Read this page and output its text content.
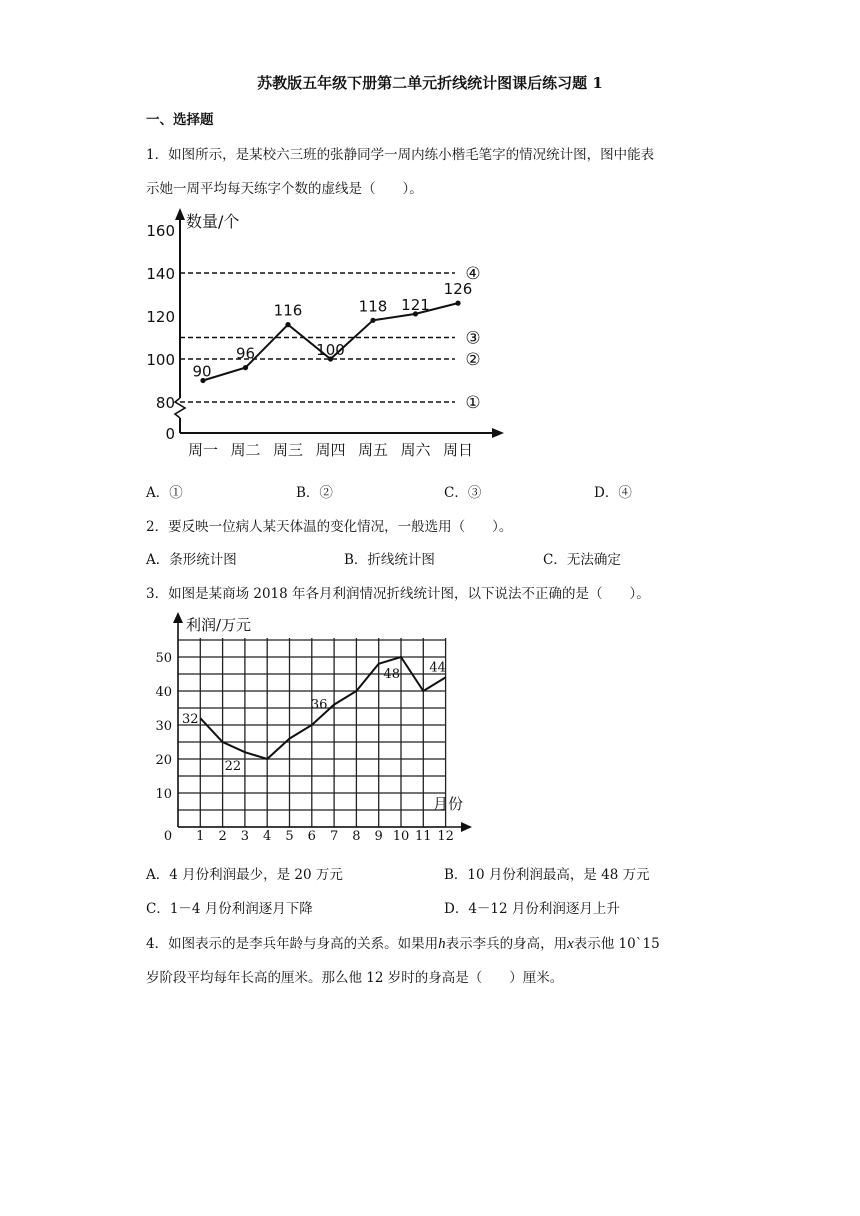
苏教版五年级下册第二单元折线统计图课后练习题 1
一、选择题
1．如图所示，是某校六三班的张静同学一周内练小楷毛笔字的情况统计图，图中能表
示她一周平均每天练字个数的虚线是（　　）。
数量/个
0
80
100
120
140
160
④
③
②
①
周一 周二 周三 周四 周五 周六 周日
90
96
116
100
118 121
126
A．①	B．②	C．③	D．④
2．要反映一位病人某天体温的变化情况，一般选用（　　）。
A．条形统计图	B．折线统计图	C．无法确定
3．如图是某商场 2018 年各月利润情况折线统计图，以下说法不正确的是（　　）。
利润/万元
月份
10
20
30
40
50
0 1 2 3 4 5 6 7 8 9 10 11 12
32
22
36
48 44
A．4 月份利润最少，是 20 万元	B．10 月份利润最高，是 48 万元
C．1－4 月份利润逐月下降	D．4－12 月份利润逐月上升
4．如图表示的是李兵年龄与身高的关系。如果用h表示李兵的身高，用x表示他 10`15
岁阶段平均每年长高的厘米。那么他 12 岁时的身高是（　　）厘米。
